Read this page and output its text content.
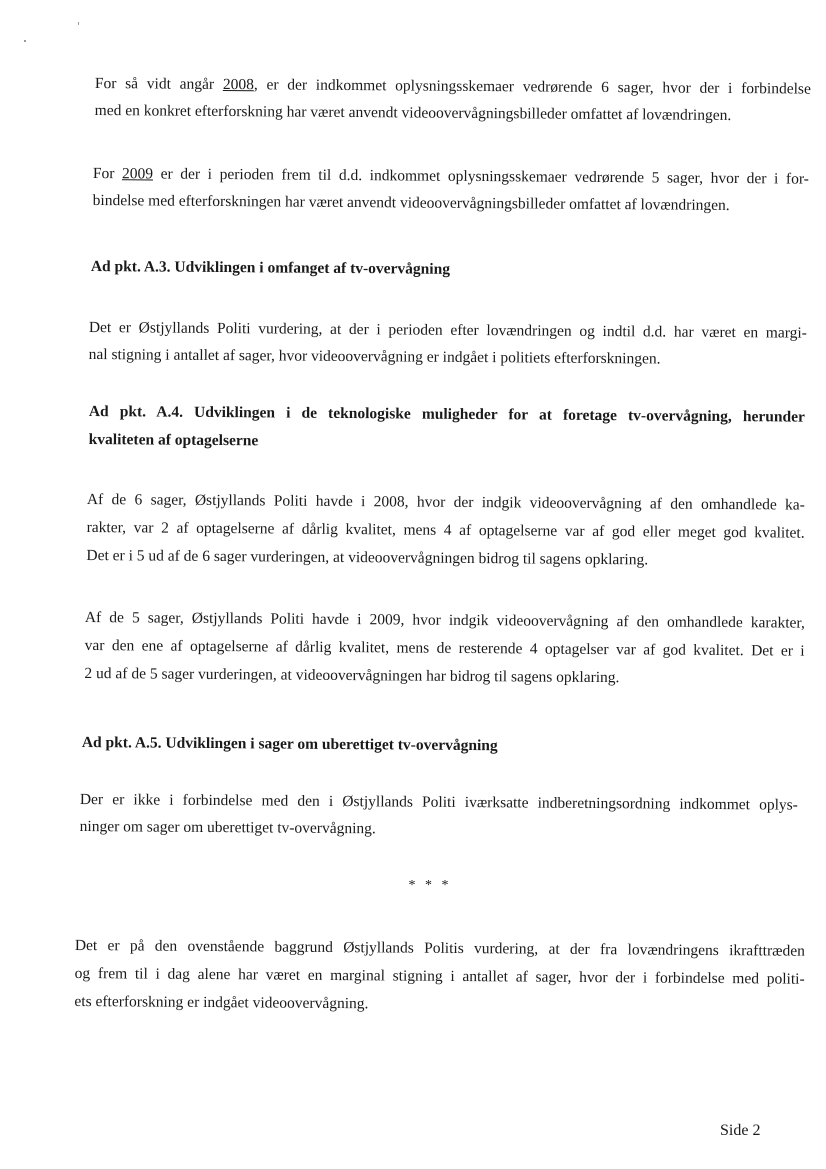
For så vidt angår 2008, er der indkommet oplysningsskemaer vedrørende 6 sager, hvor der i forbindelse
med en konkret efterforskning har været anvendt videoovervågningsbilleder omfattet af lovændringen.
For 2009 er der i perioden frem til d.d. indkommet oplysningsskemaer vedrørende 5 sager, hvor der i for-
bindelse med efterforskningen har været anvendt videoovervågningsbilleder omfattet af lovændringen.
Ad pkt. A.3. Udviklingen i omfanget af tv-overvågning
Det er Østjyllands Politi vurdering, at der i perioden efter lovændringen og indtil d.d. har været en margi-
nal stigning i antallet af sager, hvor videoovervågning er indgået i politiets efterforskningen.
Ad pkt. A.4. Udviklingen i de teknologiske muligheder for at foretage tv-overvågning, herunder
kvaliteten af optagelserne
Af de 6 sager, Østjyllands Politi havde i 2008, hvor der indgik videoovervågning af den omhandlede ka-
rakter, var 2 af optagelserne af dårlig kvalitet, mens 4 af optagelserne var af god eller meget god kvalitet.
Det er i 5 ud af de 6 sager vurderingen, at videoovervågningen bidrog til sagens opklaring.
Af de 5 sager, Østjyllands Politi havde i 2009, hvor indgik videoovervågning af den omhandlede karakter,
var den ene af optagelserne af dårlig kvalitet, mens de resterende 4 optagelser var af god kvalitet. Det er i
2 ud af de 5 sager vurderingen, at videoovervågningen har bidrog til sagens opklaring.
Ad pkt. A.5. Udviklingen i sager om uberettiget tv-overvågning
Der er ikke i forbindelse med den i Østjyllands Politi iværksatte indberetningsordning indkommet oplys-
ninger om sager om uberettiget tv-overvågning.
* * *
Det er på den ovenstående baggrund Østjyllands Politis vurdering, at der fra lovændringens ikrafttræden
og frem til i dag alene har været en marginal stigning i antallet af sager, hvor der i forbindelse med politi-
ets efterforskning er indgået videoovervågning.
Side 2
